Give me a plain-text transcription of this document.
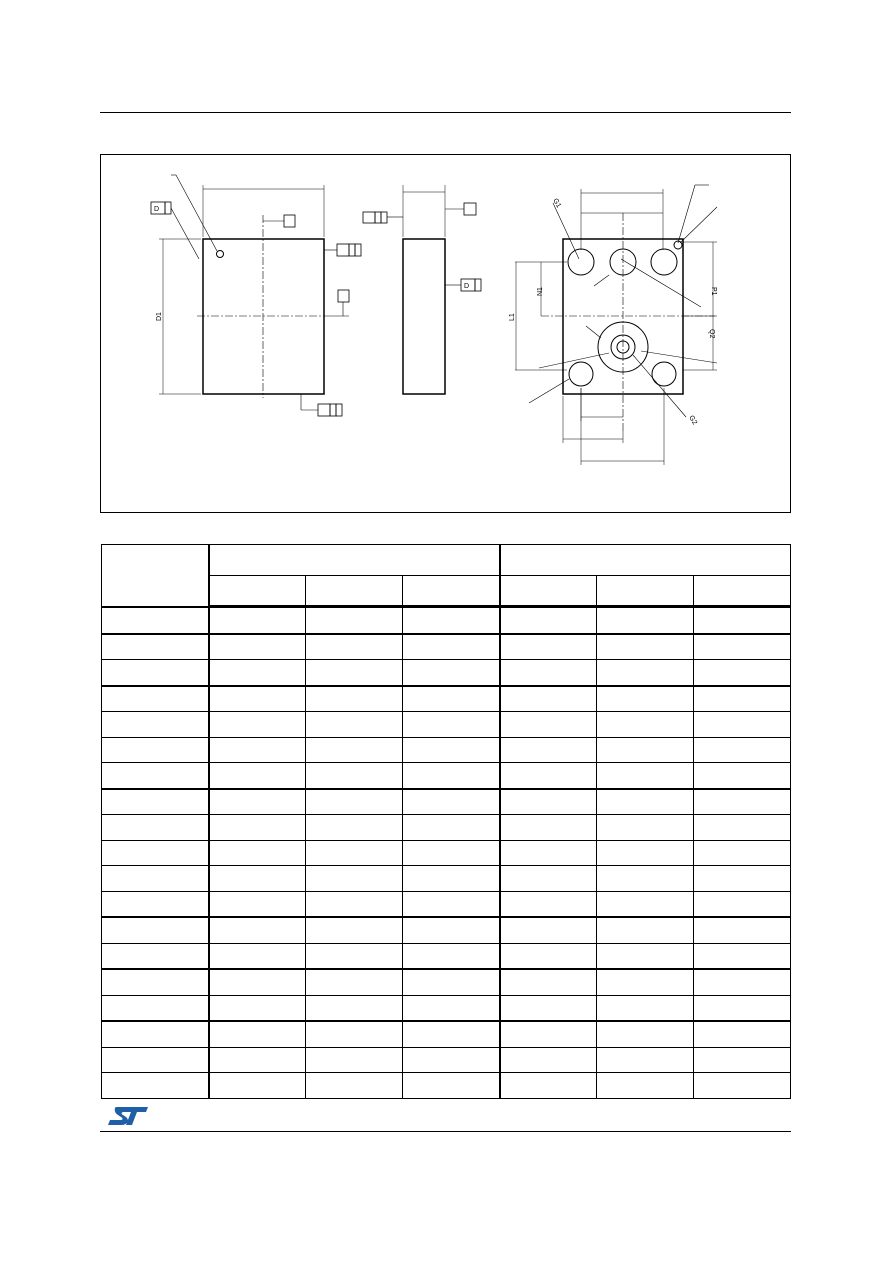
D1
N1
L1
P1
Q2
G1
G2
D
D
